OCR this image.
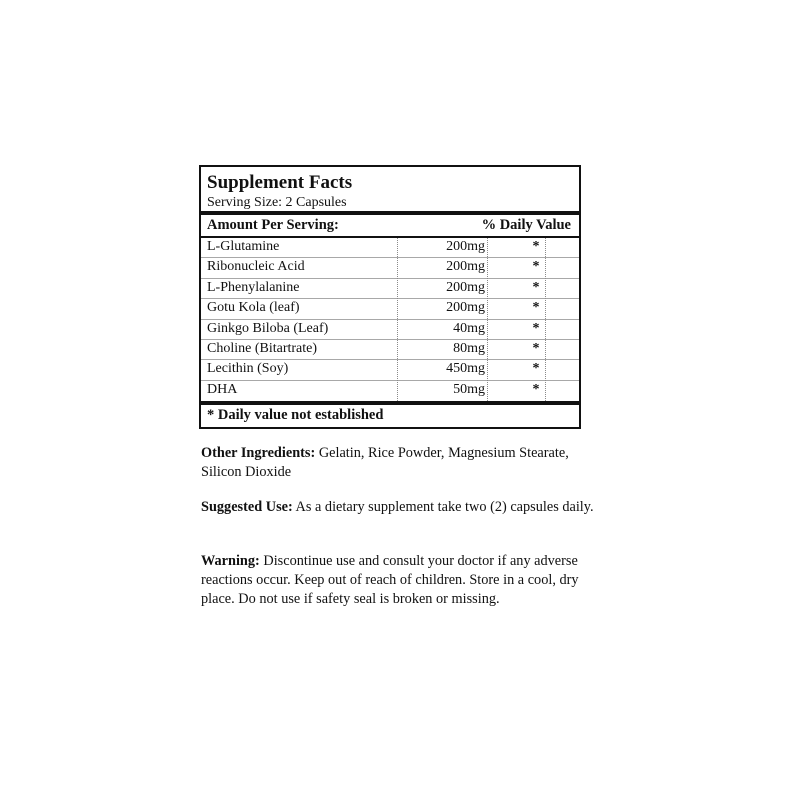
Supplement Facts
Serving Size: 2 Capsules
Amount Per Serving:	% Daily Value
L-Glutamine	200mg	*
Ribonucleic Acid	200mg	*
L-Phenylalanine	200mg	*
Gotu Kola (leaf)	200mg	*
Ginkgo Biloba (Leaf)	40mg	*
Choline (Bitartrate)	80mg	*
Lecithin (Soy)	450mg	*
DHA	50mg	*
* Daily value not established

Other Ingredients: Gelatin, Rice Powder, Magnesium Stearate, Silicon Dioxide

Suggested Use: As a dietary supplement take two (2) capsules daily.

Warning: Discontinue use and consult your doctor if any adverse reactions occur. Keep out of reach of children. Store in a cool, dry place. Do not use if safety seal is broken or missing.
